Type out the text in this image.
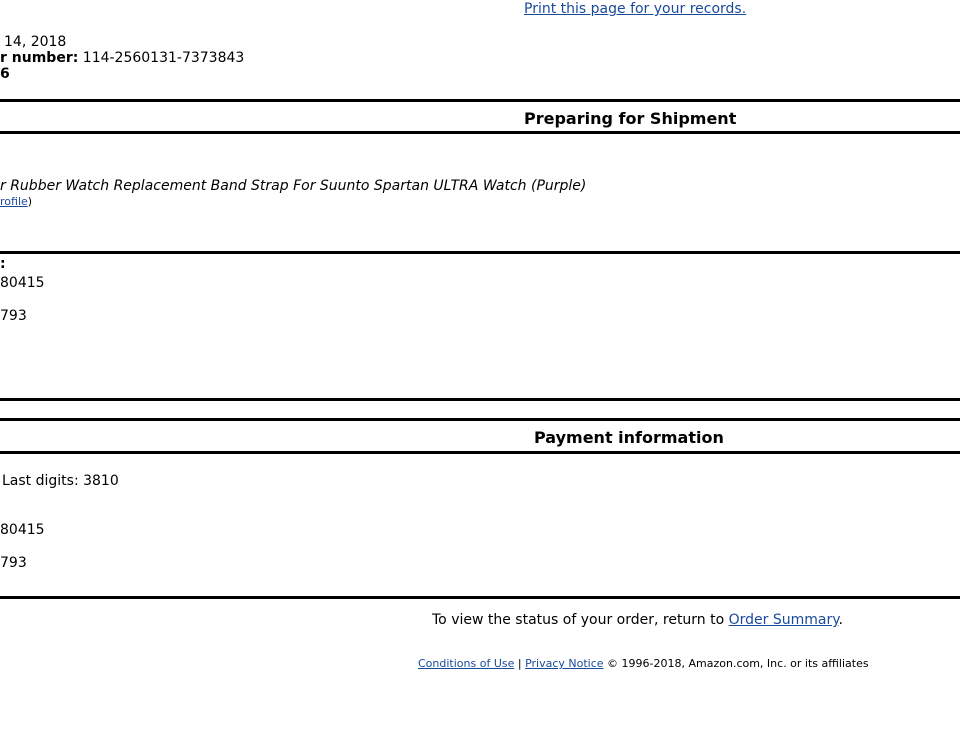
Print this page for your records.
14, 2018
r number: 114-2560131-7373843
6
Preparing for Shipment
r Rubber Watch Replacement Band Strap For Suunto Spartan ULTRA Watch (Purple)
rofile)
:
80415
793
Payment information
Last digits: 3810
80415
793
To view the status of your order, return to Order Summary.
Conditions of Use | Privacy Notice © 1996-2018, Amazon.com, Inc. or its affiliates
